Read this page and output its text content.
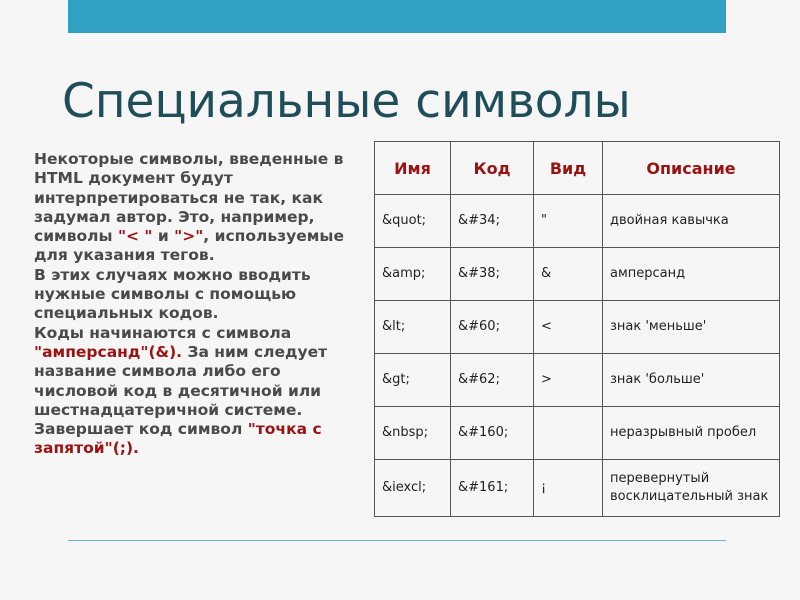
Специальные символы

Некоторые символы, введенные в HTML документ будут интерпретироваться не так, как задумал автор. Это, например, символы "< " и ">", используемые для указания тегов.

В этих случаях можно вводить нужные символы с помощью специальных кодов.

Коды начинаются с символа "амперсанд"(&). За ним следует название символа либо его числовой код в десятичной или шестнадцатеричной системе. Завершает код символ "точка с запятой"(;).

Имя	Код	Вид	Описание
&quot;	&#34;	"	двойная кавычка
&amp;	&#38;	&	амперсанд
&lt;	&#60;	<	знак 'меньше'
&gt;	&#62;	>	знак 'больше'
&nbsp;	&#160;		неразрывный пробел
&iexcl;	&#161;	¡	перевернутый восклицательный знак
